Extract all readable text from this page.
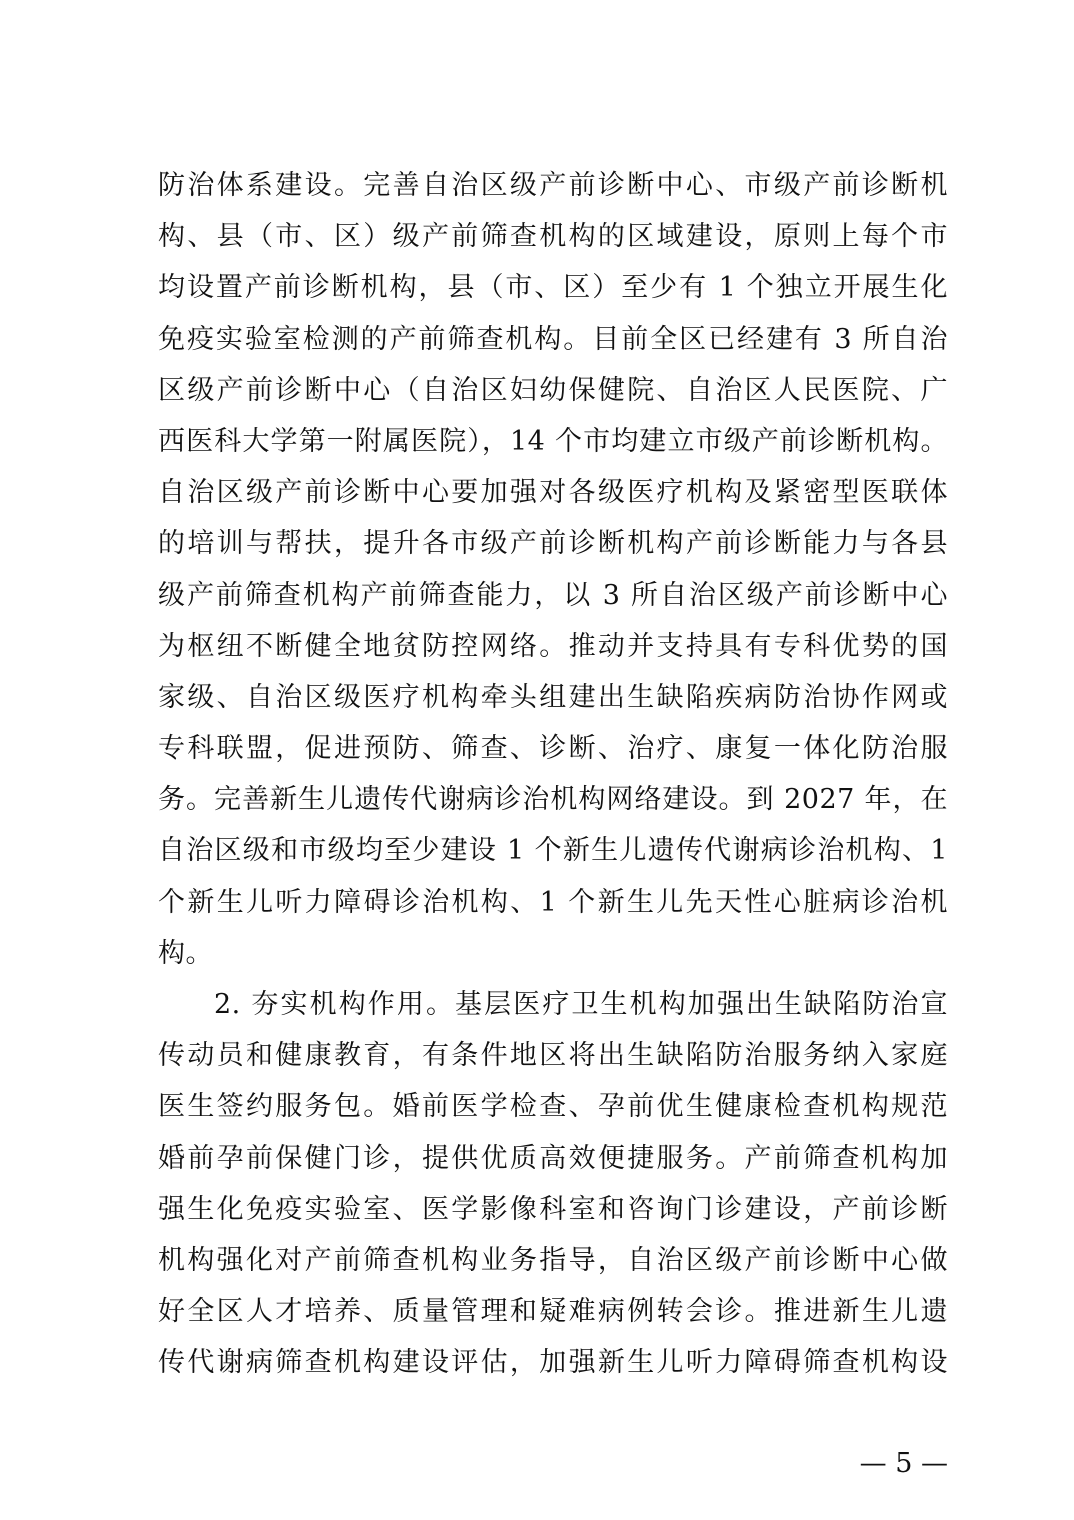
防治体系建设。完善自治区级产前诊断中心、市级产前诊断机
构、县（市、区）级产前筛查机构的区域建设，原则上每个市
均设置产前诊断机构，县（市、区）至少有 1 个独立开展生化
免疫实验室检测的产前筛查机构。目前全区已经建有 3 所自治
区级产前诊断中心（自治区妇幼保健院、自治区人民医院、广
西医科大学第一附属医院），14 个市均建立市级产前诊断机构。
自治区级产前诊断中心要加强对各级医疗机构及紧密型医联体
的培训与帮扶，提升各市级产前诊断机构产前诊断能力与各县
级产前筛查机构产前筛查能力，以 3 所自治区级产前诊断中心
为枢纽不断健全地贫防控网络。推动并支持具有专科优势的国
家级、自治区级医疗机构牵头组建出生缺陷疾病防治协作网或
专科联盟，促进预防、筛查、诊断、治疗、康复一体化防治服
务。完善新生儿遗传代谢病诊治机构网络建设。到 2027 年，在
自治区级和市级均至少建设 1 个新生儿遗传代谢病诊治机构、1
个新生儿听力障碍诊治机构、1 个新生儿先天性心脏病诊治机
构。
2. 夯实机构作用。基层医疗卫生机构加强出生缺陷防治宣
传动员和健康教育，有条件地区将出生缺陷防治服务纳入家庭
医生签约服务包。婚前医学检查、孕前优生健康检查机构规范
婚前孕前保健门诊，提供优质高效便捷服务。产前筛查机构加
强生化免疫实验室、医学影像科室和咨询门诊建设，产前诊断
机构强化对产前筛查机构业务指导，自治区级产前诊断中心做
好全区人才培养、质量管理和疑难病例转会诊。推进新生儿遗
传代谢病筛查机构建设评估，加强新生儿听力障碍筛查机构设
— 5 —
